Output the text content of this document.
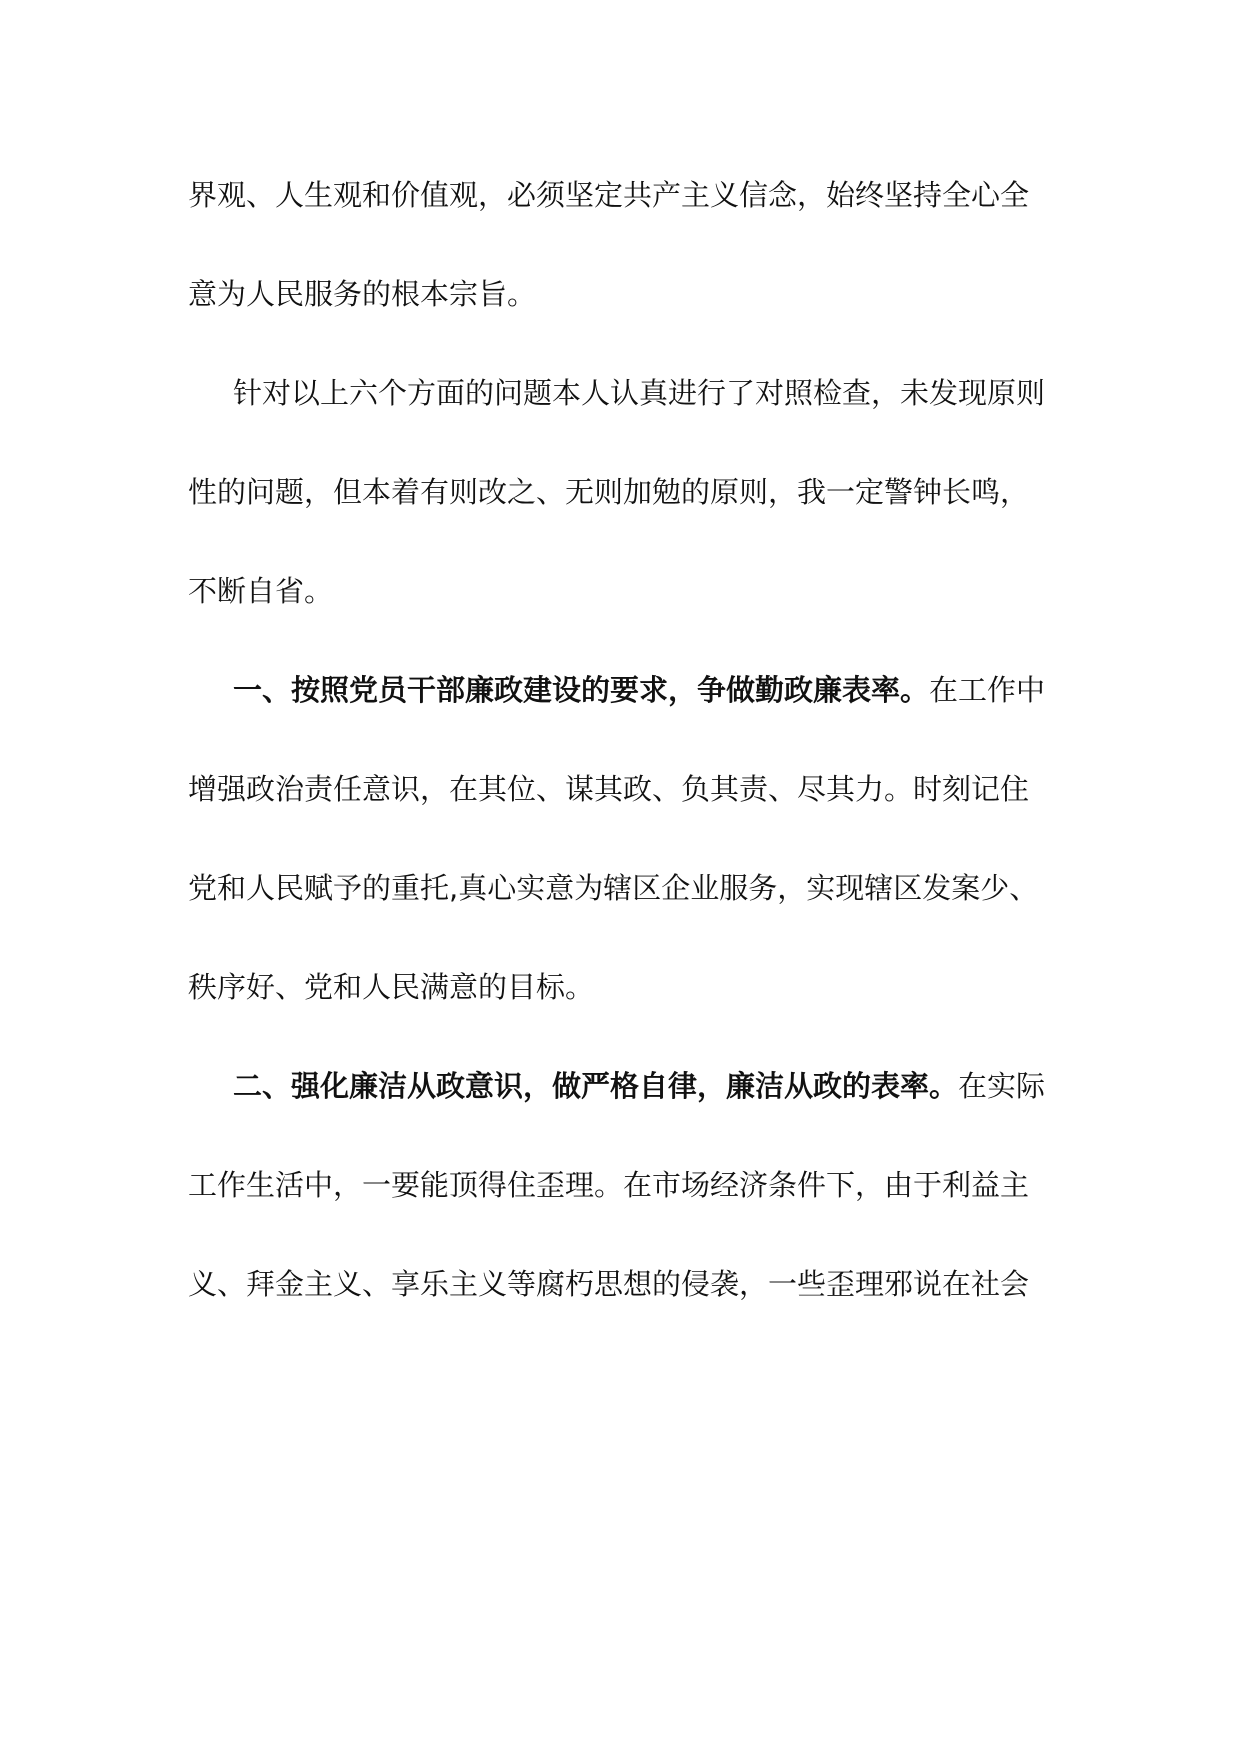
界观、人生观和价值观，必须坚定共产主义信念，始终坚持全心全
意为人民服务的根本宗旨。
针对以上六个方面的问题本人认真进行了对照检查，未发现原则
性的问题，但本着有则改之、无则加勉的原则，我一定警钟长鸣，
不断自省。
一、按照党员干部廉政建设的要求，争做勤政廉表率。在工作中
增强政治责任意识，在其位、谋其政、负其责、尽其力。时刻记住
党和人民赋予的重托,真心实意为辖区企业服务，实现辖区发案少、
秩序好、党和人民满意的目标。
二、强化廉洁从政意识，做严格自律，廉洁从政的表率。在实际
工作生活中，一要能顶得住歪理。在市场经济条件下，由于利益主
义、拜金主义、享乐主义等腐朽思想的侵袭，一些歪理邪说在社会
